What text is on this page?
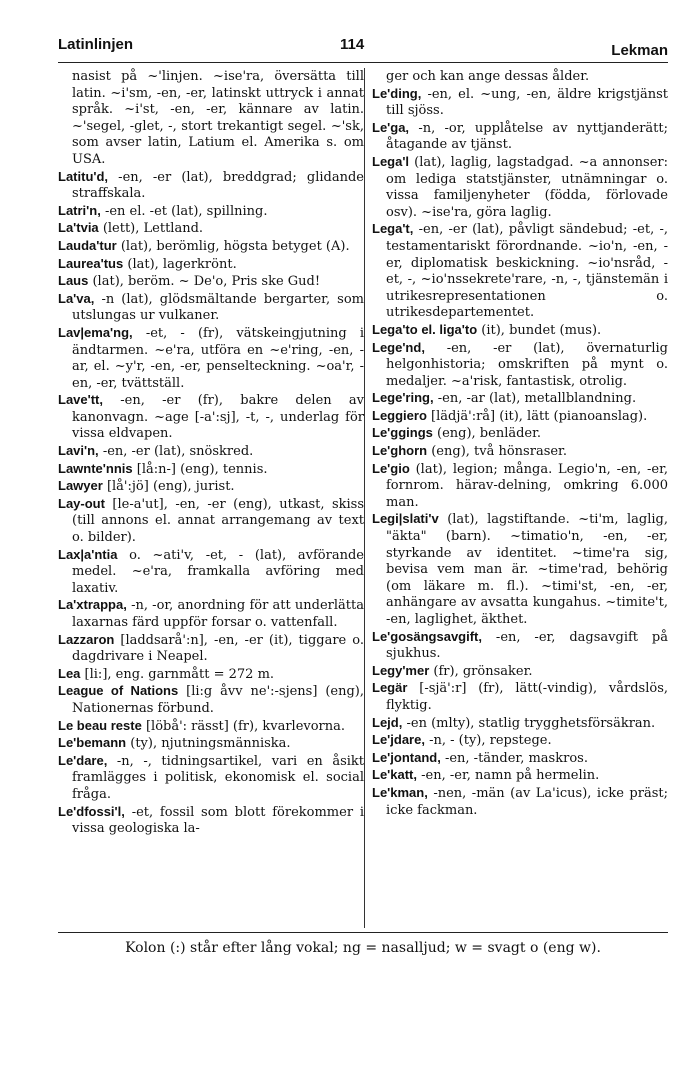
Latinlinjen	114	Lekman
nasist på ~'linjen. ~ise'ra, översätta till latin. ~i'sm, -en, -er, latinskt uttryck i annat språk. ~i'st, -en, -er, kännare av latin. ~'segel, -glet, -, stort trekantigt segel. ~'sk, som avser latin, Latium el. Amerika s. om USA.
Latitu'd, -en, -er (lat), breddgrad; glidande straffskala.
Latri'n, -en el. -et (lat), spillning.
La'tvia (lett), Lettland.
Lauda'tur (lat), berömlig, högsta betyget (A).
Laurea'tus (lat), lagerkrönt.
Laus (lat), beröm. ~ De'o, Pris ske Gud!
La'va, -n (lat), glödsmältande bergarter, som utslungas ur vulkaner.
Lav|ema'ng, -et, - (fr), vätskeingjutning i ändtarmen. ~e'ra, utföra en ~e'ring, -en, -ar, el. ~y'r, -en, -er, penselteckning. ~oa'r, -en, -er, tvättställ.
Lave'tt, -en, -er (fr), bakre delen av kanonvagn. ~age [-a':sj], -t, -, underlag för vissa eldvapen.
Lavi'n, -en, -er (lat), snöskred.
Lawnte'nnis [lå:n-] (eng), tennis.
Lawyer [lå':jö] (eng), jurist.
Lay-out [le-a'ut], -en, -er (eng), utkast, skiss (till annons el. annat arrangemang av text o. bilder).
Lax|a'ntia o. ~ati'v, -et, - (lat), avförande medel. ~e'ra, framkalla avföring med laxativ.
La'xtrappa, -n, -or, anordning för att underlätta laxarnas färd uppför forsar o. vattenfall.
Lazzaron [laddsarå':n], -en, -er (it), tiggare o. dagdrivare i Neapel.
Lea [li:], eng. garnmått = 272 m.
League of Nations [li:g åvv ne':-sjens] (eng), Nationernas förbund.
Le beau reste [löbå': rässt] (fr), kvarlevorna.
Le'bemann (ty), njutningsmänniska.
Le'dare, -n, -, tidningsartikel, vari en åsikt framlägges i politisk, ekonomisk el. social fråga.
Le'dfossi'l, -et, fossil som blott förekommer i vissa geologiska la-
ger och kan ange dessas ålder.
Le'ding, -en, el. ~ung, -en, äldre krigstjänst till sjöss.
Le'ga, -n, -or, upplåtelse av nyttjanderätt; åtagande av tjänst.
Lega'l (lat), laglig, lagstadgad. ~a annonser: om lediga statstjänster, utnämningar o. vissa familjenyheter (födda, förlovade osv). ~ise'ra, göra laglig.
Lega't, -en, -er (lat), påvligt sändebud; -et, -, testamentariskt förordnande. ~io'n, -en, -er, diplomatisk beskickning. ~io'nsråd, -et, -, ~io'nssekrete'rare, -n, -, tjänstemän i utrikesrepresentationen o. utrikesdepartementet.
Lega'to el. liga'to (it), bundet (mus).
Lege'nd, -en, -er (lat), övernaturlig helgonhistoria; omskriften på mynt o. medaljer. ~a'risk, fantastisk, otrolig.
Lege'ring, -en, -ar (lat), metallblandning.
Leggiero [lädjä':rå] (it), lätt (pianoanslag).
Le'ggings (eng), benläder.
Le'ghorn (eng), två hönsraser.
Le'gio (lat), legion; många. Legio'n, -en, -er, fornrom. härav-delning, omkring 6.000 man.
Legi|slati'v (lat), lagstiftande. ~ti'm, laglig, "äkta" (barn). ~timatio'n, -en, -er, styrkande av identitet. ~time'ra sig, bevisa vem man är. ~time'rad, behörig (om läkare m. fl.). ~timi'st, -en, -er, anhängare av avsatta kungahus. ~timite't, -en, laglighet, äkthet.
Le'gosängsavgift, -en, -er, dagsavgift på sjukhus.
Legy'mer (fr), grönsaker.
Legär [-sjä':r] (fr), lätt(-vindig), vårdslös, flyktig.
Lejd, -en (mlty), statlig trygghetsförsäkran.
Le'jdare, -n, - (ty), repstege.
Le'jontand, -en, -tänder, maskros.
Le'katt, -en, -er, namn på hermelin.
Le'kman, -nen, -män (av La'icus), icke präst; icke fackman.
Kolon (:) står efter lång vokal; ng = nasalljud; w = svagt o (eng w).
